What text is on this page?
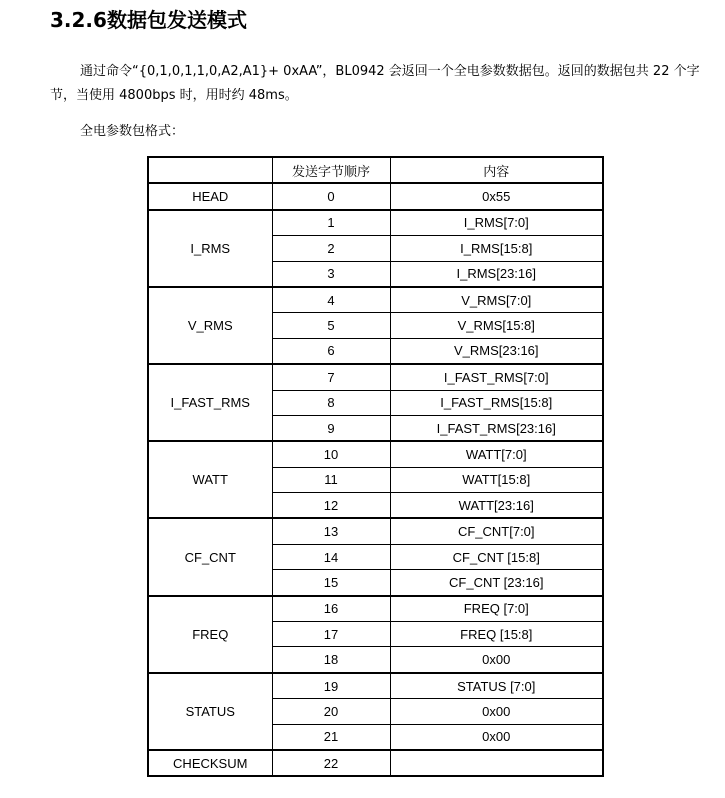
3.2.6数据包发送模式
通过命令“{0,1,0,1,1,0,A2,A1}+ 0xAA”，BL0942 会返回一个全电参数数据包。返回的数据包共 22 个字节，当使用 4800bps 时，用时约 48ms。
全电参数包格式：
	发送字节顺序	内容
HEAD	0	0x55
I_RMS	1	I_RMS[7:0]
	2	I_RMS[15:8]
	3	I_RMS[23:16]
V_RMS	4	V_RMS[7:0]
	5	V_RMS[15:8]
	6	V_RMS[23:16]
I_FAST_RMS	7	I_FAST_RMS[7:0]
	8	I_FAST_RMS[15:8]
	9	I_FAST_RMS[23:16]
WATT	10	WATT[7:0]
	11	WATT[15:8]
	12	WATT[23:16]
CF_CNT	13	CF_CNT[7:0]
	14	CF_CNT [15:8]
	15	CF_CNT [23:16]
FREQ	16	FREQ [7:0]
	17	FREQ [15:8]
	18	0x00
STATUS	19	STATUS [7:0]
	20	0x00
	21	0x00
CHECKSUM	22	
